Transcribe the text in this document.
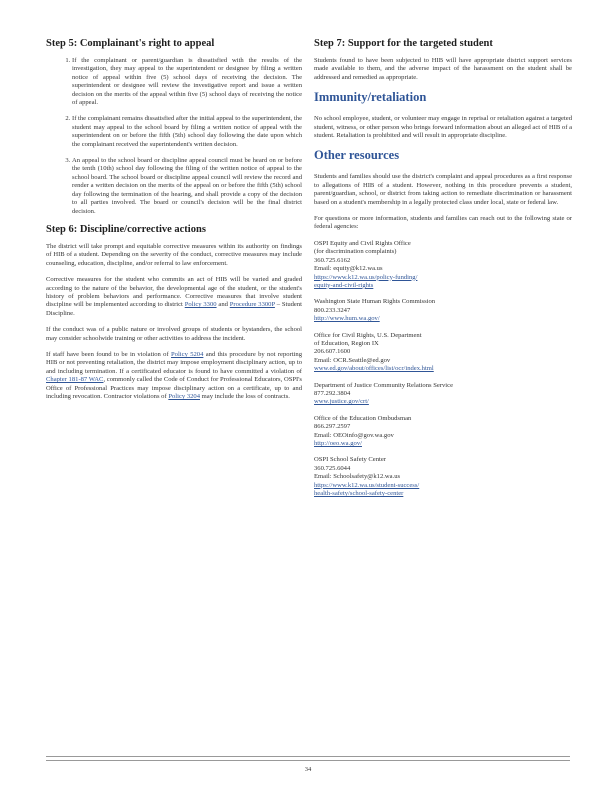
Step 5: Complainant's right to appeal
1. If the complainant or parent/guardian is dissatisfied with the results of the investigation, they may appeal to the superintendent or designee by filing a written notice of appeal within five (5) school days of receiving the decision. The superintendent or designee will review the investigative report and issue a written decision on the merits of the appeal within five (5) school days of receiving the notice of appeal.
2. If the complainant remains dissatisfied after the initial appeal to the superintendent, the student may appeal to the school board by filing a written notice of appeal with the superintendent on or before the fifth (5th) school day following the date upon which the complainant received the superintendent's written decision.
3. An appeal to the school board or discipline appeal council must be heard on or before the tenth (10th) school day following the filing of the written notice of appeal to the school board. The school board or discipline appeal council will review the record and render a written decision on the merits of the appeal on or before the fifth (5th) school day following the termination of the hearing, and shall provide a copy of the decision to all parties involved. The board or council's decision will be the final district decision.
Step 6: Discipline/corrective actions

The district will take prompt and equitable corrective measures within its authority on findings of HIB of a student. Depending on the severity of the conduct, corrective measures may include counseling, education, discipline, and/or referral to law enforcement.

Corrective measures for the student who commits an act of HIB will be varied and graded according to the nature of the behavior, the developmental age of the student, or the student's history of problem behaviors and performance. Corrective measures that involve student discipline will be implemented according to district Policy 3300 and Procedure 3300P – Student Discipline.

If the conduct was of a public nature or involved groups of students or bystanders, the school may consider schoolwide training or other activities to address the incident.

If staff have been found to be in violation of Policy 5204 and this procedure by not reporting HIB or not preventing retaliation, the district may impose employment disciplinary action, up to and including termination. If a certificated educator is found to have committed a violation of Chapter 181-87 WAC, commonly called the Code of Conduct for Professional Educators, OSPI's Office of Professional Practices may impose disciplinary action on a certificate, up to and including revocation. Contractor violations of Policy 3204 may include the loss of contracts.

Step 7: Support for the targeted student

Students found to have been subjected to HIB will have appropriate district support services made available to them, and the adverse impact of the harassment on the student shall be addressed and remedied as appropriate.

Immunity/retaliation

No school employee, student, or volunteer may engage in reprisal or retaliation against a targeted student, witness, or other person who brings forward information about an alleged act of HIB of a student. Retaliation is prohibited and will result in appropriate discipline.

Other resources

Students and families should use the district's complaint and appeal procedures as a first response to allegations of HIB of a student. However, nothing in this procedure prevents a student, parent/guardian, school, or district from taking action to remediate discrimination or harassment based on a student's membership in a legally protected class under local, state or federal law.

For questions or more information, students and families can reach out to the following state or federal agencies:

OSPI Equity and Civil Rights Office
(for discrimination complaints)
360.725.6162
Email: equity@k12.wa.us
https://www.k12.wa.us/policy-funding/
equity-and-civil-rights
Washington State Human Rights Commission
800.233.3247
http://www.hum.wa.gov/
Office for Civil Rights, U.S. Department
of Education, Region IX
206.607.1600
Email: OCR.Seattle@ed.gov
www.ed.gov/about/offices/list/ocr/index.html
Department of Justice Community Relations Service
877.292.3804
www.justice.gov/crt/
Office of the Education Ombudsman
866.297.2597
Email: OEOinfo@gov.wa.gov
http://oeo.wa.gov/
OSPI School Safety Center
360.725.6044
Email: Schoolsafety@k12.wa.us
https://www.k12.wa.us/student-success/
health-safety/school-safety-center
34
